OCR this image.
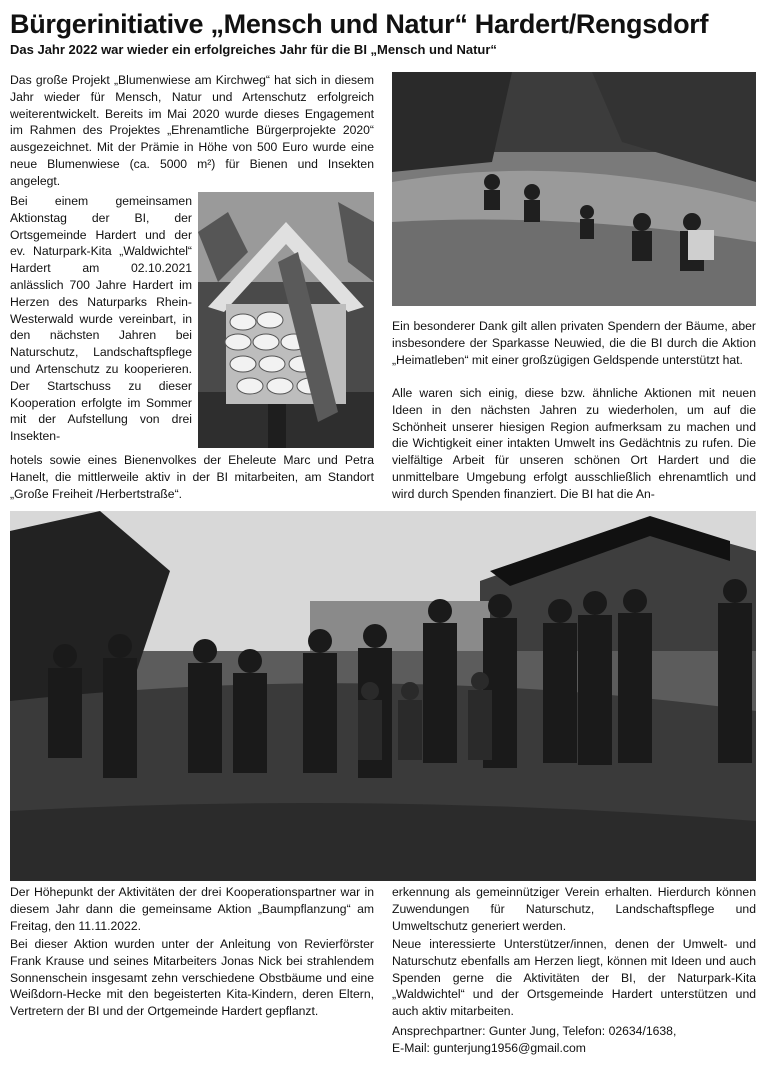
Bürgerinitiative „Mensch und Natur“ Hardert/Rengsdorf
Das Jahr 2022 war wieder ein erfolgreiches Jahr für die BI „Mensch und Natur“

Das große Projekt „Blumenwiese am Kirchweg“ hat sich in diesem Jahr wieder für Mensch, Natur und Artenschutz erfolgreich weiterentwickelt. Bereits im Mai 2020 wurde dieses Engagement im Rahmen des Projektes „Ehrenamtliche Bürgerprojekte 2020“ ausgezeichnet. Mit der Prämie in Höhe von 500 Euro wurde eine neue Blumenwiese (ca. 5000 m²) für Bienen und Insekten angelegt.

Bei einem gemeinsamen Aktionstag der BI, der Ortsgemeinde Hardert und der ev. Naturpark-Kita „Waldwichtel“ Hardert am 02.10.2021 anlässlich 700 Jahre Hardert im Herzen des Naturparks Rhein-Westerwald wurde vereinbart, in den nächsten Jahren bei Naturschutz, Landschaftspflege und Artenschutz zu kooperieren. Der Startschuss zu dieser Kooperation erfolgte im Sommer mit der Aufstellung von drei Insekten-

hotels sowie eines Bienenvolkes der Eheleute Marc und Petra Hanelt, die mittlerweile aktiv in der BI mitarbeiten, am Standort „Große Freiheit /Herbertstraße“.

Ein besonderer Dank gilt allen privaten Spendern der Bäume, aber insbesondere der Sparkasse Neuwied, die die BI durch die Aktion „Heimatleben“ mit einer großzügigen Geldspende unterstützt hat.

Alle waren sich einig, diese bzw. ähnliche Aktionen mit neuen Ideen in den nächsten Jahren zu wiederholen, um auf die Schönheit unserer hiesigen Region aufmerksam zu machen und die Wichtigkeit einer intakten Umwelt ins Gedächtnis zu rufen. Die vielfältige Arbeit für unseren schönen Ort Hardert und die unmittelbare Umgebung erfolgt ausschließlich ehrenamtlich und wird durch Spenden finanziert. Die BI hat die An-

Der Höhepunkt der Aktivitäten der drei Kooperationspartner war in diesem Jahr dann die gemeinsame Aktion „Baumpflanzung“ am Freitag, den 11.11.2022.

Bei dieser Aktion wurden unter der Anleitung von Revierförster Frank Krause und seines Mitarbeiters Jonas Nick bei strahlendem Sonnenschein insgesamt zehn verschiedene Obstbäume und eine Weißdorn-Hecke mit den begeisterten Kita-Kindern, deren Eltern, Vertretern der BI und der Ortgemeinde Hardert gepflanzt.

erkennung als gemeinnütziger Verein erhalten. Hierdurch können Zuwendungen für Naturschutz, Landschaftspflege und Umweltschutz generiert werden.

Neue interessierte Unterstützer/innen, denen der Umwelt- und Naturschutz ebenfalls am Herzen liegt, können mit Ideen und auch Spenden gerne die Aktivitäten der BI, der Naturpark-Kita „Waldwichtel“ und der Ortsgemeinde Hardert unterstützen und auch aktiv mitarbeiten.

Ansprechpartner: Gunter Jung, Telefon: 02634/1638,
E-Mail: gunterjung1956@gmail.com
